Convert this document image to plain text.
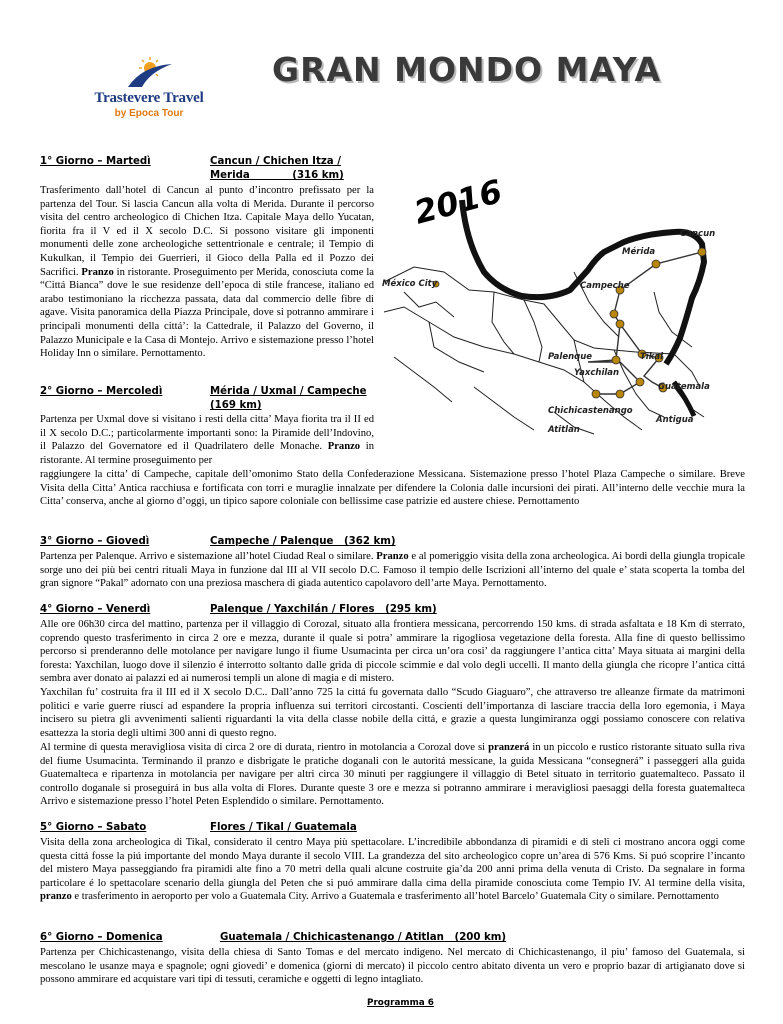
Trastevere Travel
by Epoca Tour
GRAN MONDO MAYA
1° Giorno – Martedì	Cancun / Chichen Itza /
Merida            (316 km)
Trasferimento dall’hotel di Cancun al punto d’incontro prefissato per la partenza del Tour. Si lascia Cancun alla volta di Merida. Durante il percorso visita del centro archeologico di Chichen Itza. Capitale Maya dello Yucatan, fiorita fra il V ed il X secolo D.C. Si possono visitare gli imponenti monumenti delle zone archeologiche settentrionale e centrale; il Tempio di Kukulkan, il Tempio dei Guerrieri, il Gioco della Palla ed il Pozzo dei Sacrifici. Pranzo in ristorante. Proseguimento per Merida, conosciuta come la “Cittá Bianca” dove le sue residenze dell’epoca di stile francese, italiano ed arabo testimoniano la ricchezza passata, data dal commercio delle fibre di agave. Visita panoramica della Piazza Principale, dove si potranno ammirare i principali monumenti della cittá’: la Cattedrale, il Palazzo del Governo, il Palazzo Municipale e la Casa di Montejo. Arrivo e sistemazione presso l’hotel Holiday Inn o similare. Pernottamento.
2016
Cancun
Mérida
México City	Campeche
Palenque	Tikal
Yaxchilan
Guatemala
Chichicastenango
Antigua
Atitlan
2° Giorno – Mercoledì	Mérida / Uxmal / Campeche
(169 km)
Partenza per Uxmal dove si visitano i resti della citta’ Maya fiorita tra il II ed il X secolo D.C.; particolarmente importanti sono: la Piramide dell’Indovino, il Palazzo del Governatore ed il Quadrilatero delle Monache. Pranzo in ristorante. Al termine proseguimento per
raggiungere la citta’ di Campeche, capitale dell’omonimo Stato della Confederazione Messicana. Sistemazione presso l’hotel Plaza Campeche o similare. Breve Visita della Citta’ Antica racchiusa e fortificata con torri e muraglie innalzate per difendere la Colonia dalle incursioni dei pirati. All’interno delle vecchie mura la Citta’ conserva, anche al giorno d’oggi, un tipico sapore coloniale con bellissime case patrizie ed austere chiese. Pernottamento
3° Giorno – Giovedì	Campeche / Palenque   (362 km)
Partenza per Palenque. Arrivo e sistemazione all’hotel Ciudad Real o similare. Pranzo e al pomeriggio visita della zona archeologica. Ai bordi della giungla tropicale sorge uno dei più bei centri rituali Maya in funzione dal III al VII secolo D.C. Famoso il tempio delle Iscrizioni all’interno del quale e’ stata scoperta la tomba del gran signore “Pakal” adornato con una preziosa maschera di giada autentico capolavoro dell’arte Maya. Pernottamento.
4° Giorno – Venerdì	Palenque / Yaxchilán / Flores   (295 km)
Alle ore 06h30 circa del mattino, partenza per il villaggio di Corozal, situato alla frontiera messicana, percorrendo 150 kms. di strada asfaltata e 18 Km di sterrato, coprendo questo trasferimento in circa 2 ore e mezza, durante il quale si potra’ ammirare la rigogliosa vegetazione della foresta. Alla fine di questo bellissimo percorso si prenderanno delle motolance per navigare lungo il fiume Usumacinta per circa un’ora cosi’ da raggiungere l’antica citta’ Maya situata ai margini della foresta: Yaxchilan, luogo dove il silenzio é interrotto soltanto dalle grida di piccole scimmie e dal volo degli uccelli. Il manto della giungla che ricopre l’antica cittá sembra aver donato ai palazzi ed ai numerosi templi un alone di magia e di mistero.
Yaxchilan fu’ costruita fra il III ed il X secolo D.C.. Dall’anno 725 la cittá fu governata dallo “Scudo Giaguaro”, che attraverso tre alleanze firmate da matrimoni politici e varie guerre riuscí ad espandere la propria influenza sui territori circostanti. Coscienti dell’importanza di lasciare traccia della loro egemonia, i Maya incisero su pietra gli avvenimenti salienti riguardanti la vita della classe nobile della cittá, e grazie a questa lungimiranza oggi possiamo conoscere con relativa esattezza la storia degli ultimi 300 anni di questo regno.
Al termine di questa meravigliosa visita di circa 2 ore di durata, rientro in motolancia a Corozal dove si pranzerá in un piccolo e rustico ristorante situato sulla riva del fiume Usumacinta. Terminando il pranzo e disbrigate le pratiche doganali con le autoritá messicane, la guida Messicana “consegnerá” i passeggeri alla guida Guatemalteca e ripartenza in motolancia per navigare per altri circa 30 minuti per raggiungere il villaggio di Betel situato in territorio guatemalteco. Passato il controllo doganale si proseguirá in bus alla volta di Flores. Durante queste 3 ore e mezza si potranno ammirare i meravigliosi paesaggi della foresta guatemalteca Arrivo e sistemazione presso l’hotel Peten Esplendido o similare. Pernottamento.
5° Giorno – Sabato	Flores / Tikal / Guatemala
Visita della zona archeologica di Tikal, considerato il centro Maya più spettacolare. L’incredibile abbondanza di piramidi e di steli ci mostrano ancora oggi come questa cittá fosse la piú importante del mondo Maya durante il secolo VIII. La grandezza del sito archeologico copre un’area di 576 Kms. Si puó scoprire l’incanto del mistero Maya passeggiando fra piramidi alte fino a 70 metri della quali alcune costruite gia’da 200 anni prima della venuta di Cristo. Da segnalare in forma particolare é lo spettacolare scenario della giungla del Peten che si puó ammirare dalla cima della piramide conosciuta come Tempio IV. Al termine della visita, pranzo e trasferimento in aeroporto per volo a Guatemala City. Arrivo a Guatemala e trasferimento all’hotel Barcelo’ Guatemala City o similare. Pernottamento
6° Giorno – Domenica	Guatemala / Chichicastenango / Atitlan   (200 km)
Partenza per Chichicastenango, visita della chiesa di Santo Tomas e del mercato indigeno. Nel mercato di Chichicastenango, il piu’ famoso del Guatemala, si mescolano le usanze maya e spagnole; ogni giovedi’ e domenica (giorni di mercato) il piccolo centro abitato diventa un vero e proprio bazar di artigianato dove si possono ammirare ed acquistare vari tipi di tessuti, ceramiche e oggetti di legno intagliato.
Programma 6
